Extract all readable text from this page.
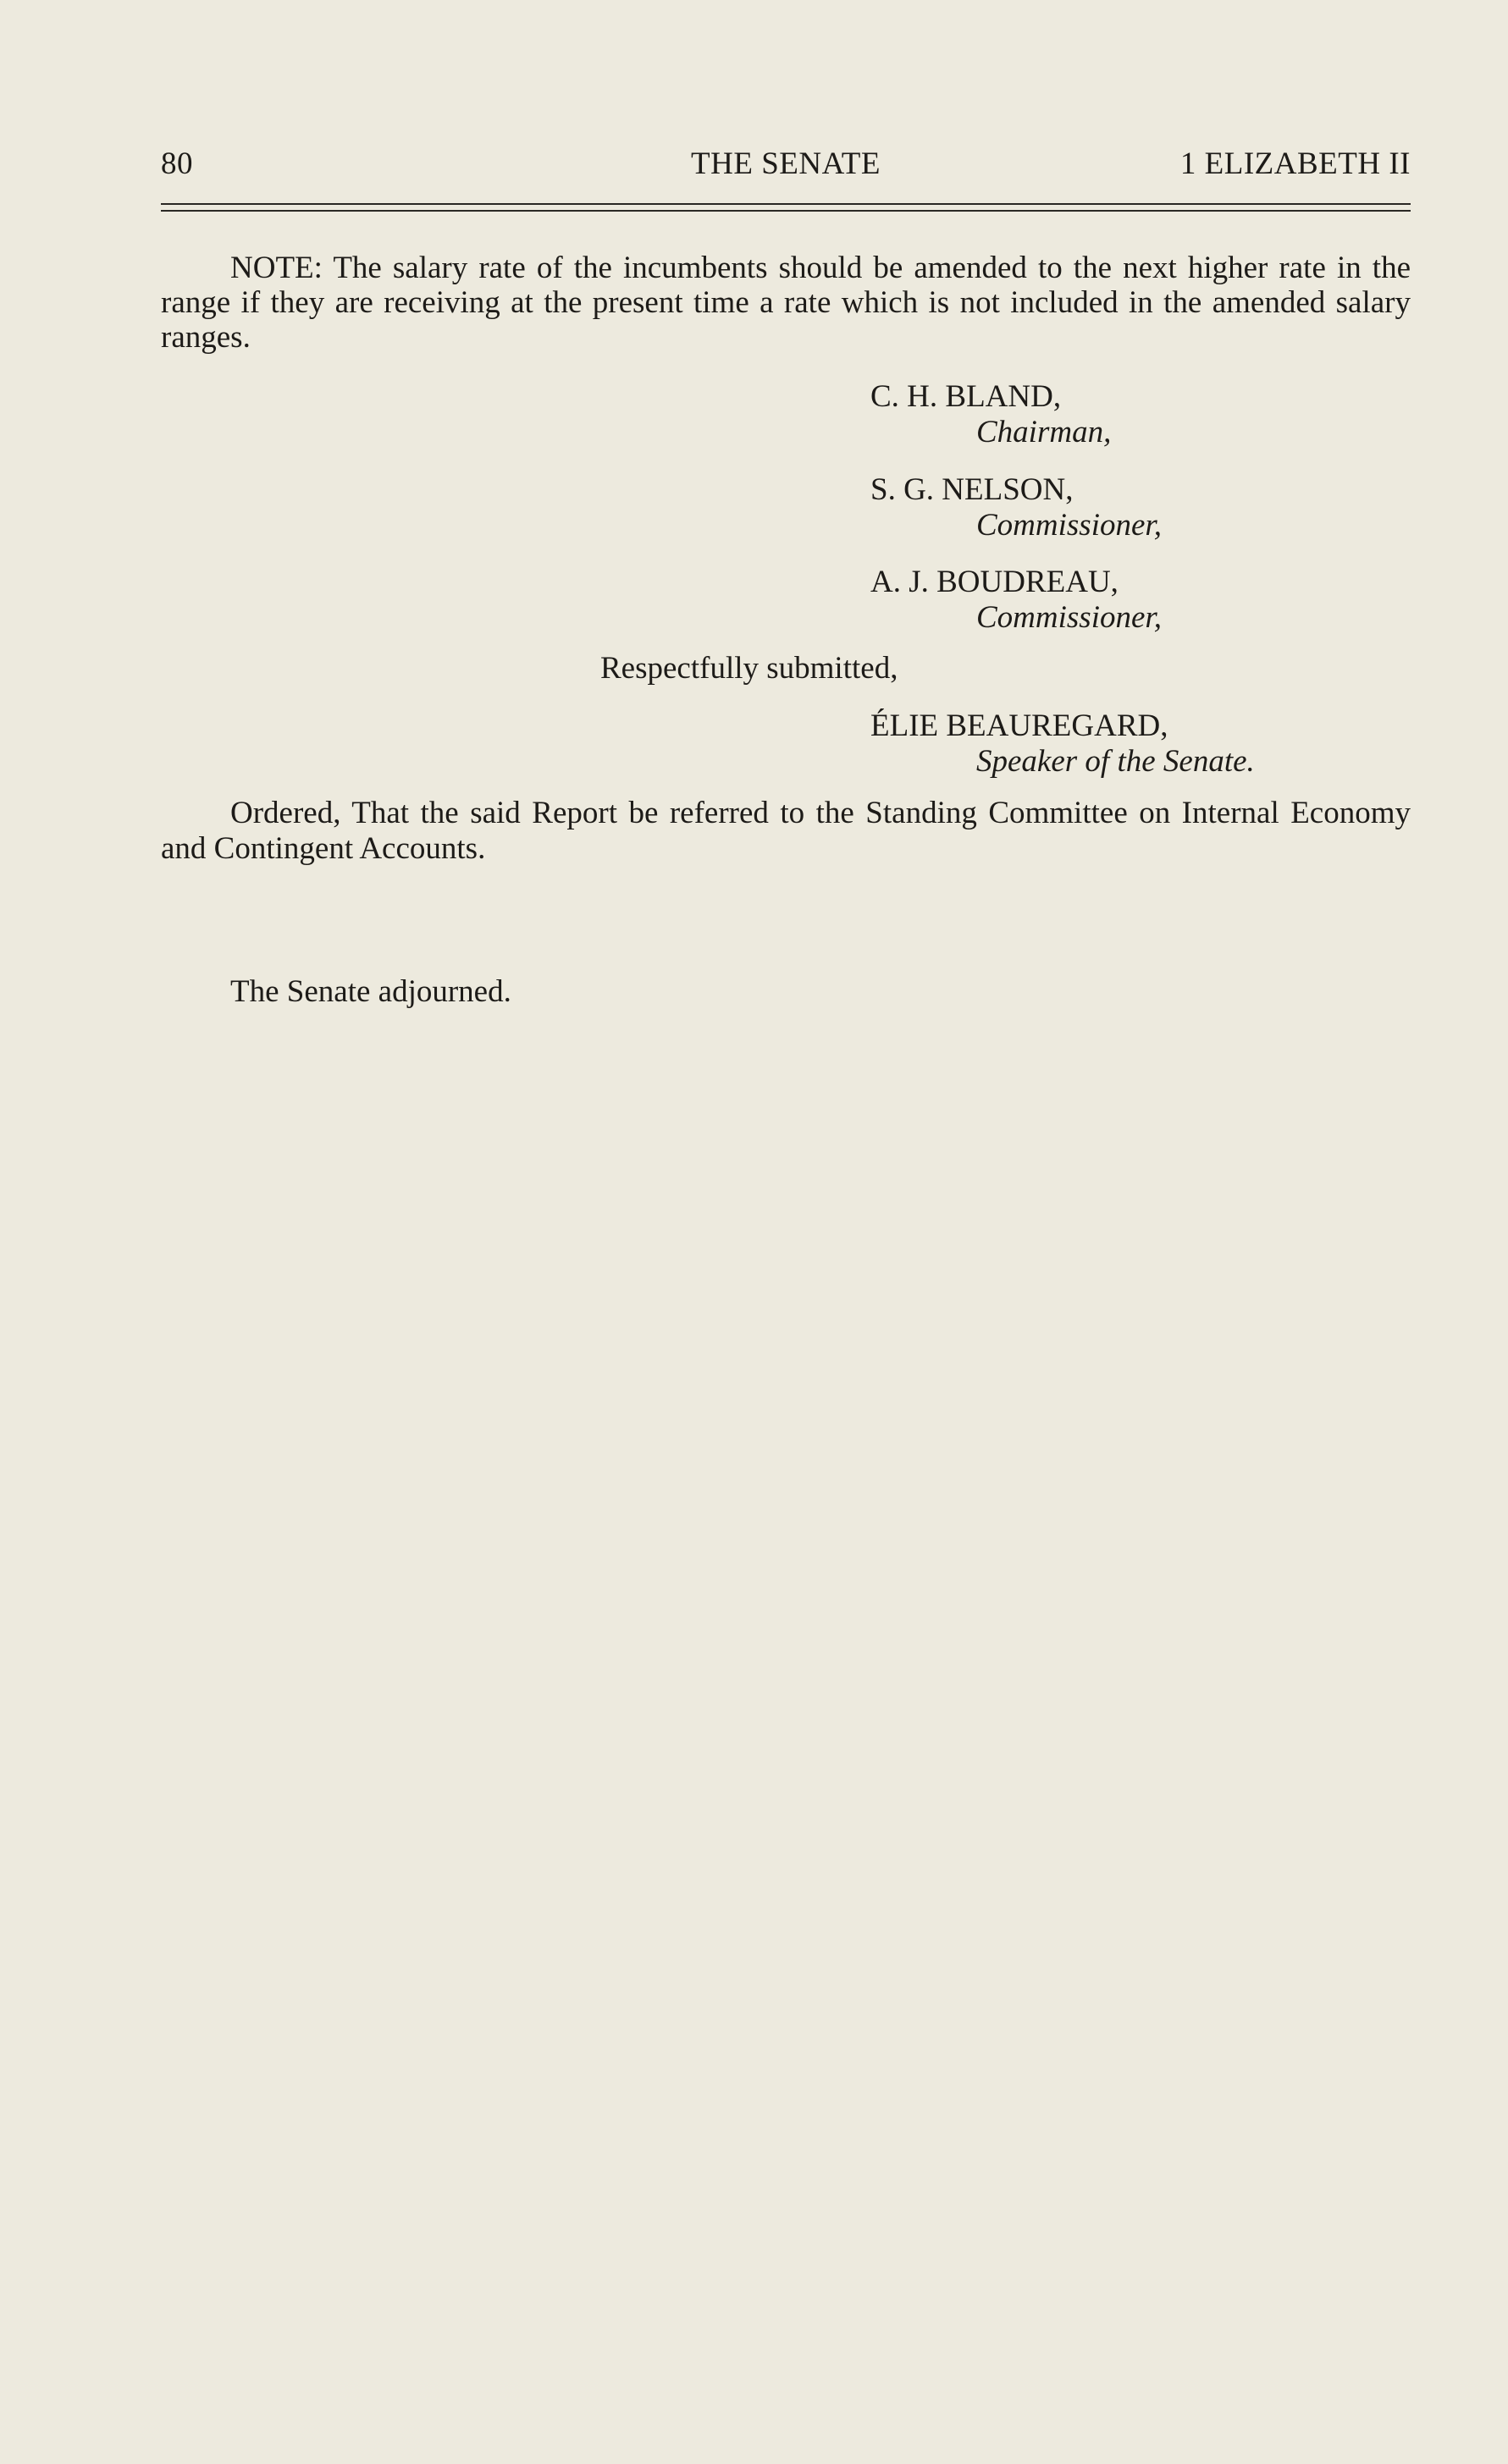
80	THE SENATE	1 ELIZABETH II
NOTE: The salary rate of the incumbents should be amended to the next higher rate in the range if they are receiving at the present time a rate which is not included in the amended salary ranges.
C. H. BLAND,
Chairman,
S. G. NELSON,
Commissioner,
A. J. BOUDREAU,
Commissioner,
Respectfully submitted,
ÉLIE BEAUREGARD,
Speaker of the Senate.
Ordered, That the said Report be referred to the Standing Committee on Internal Economy and Contingent Accounts.
The Senate adjourned.
